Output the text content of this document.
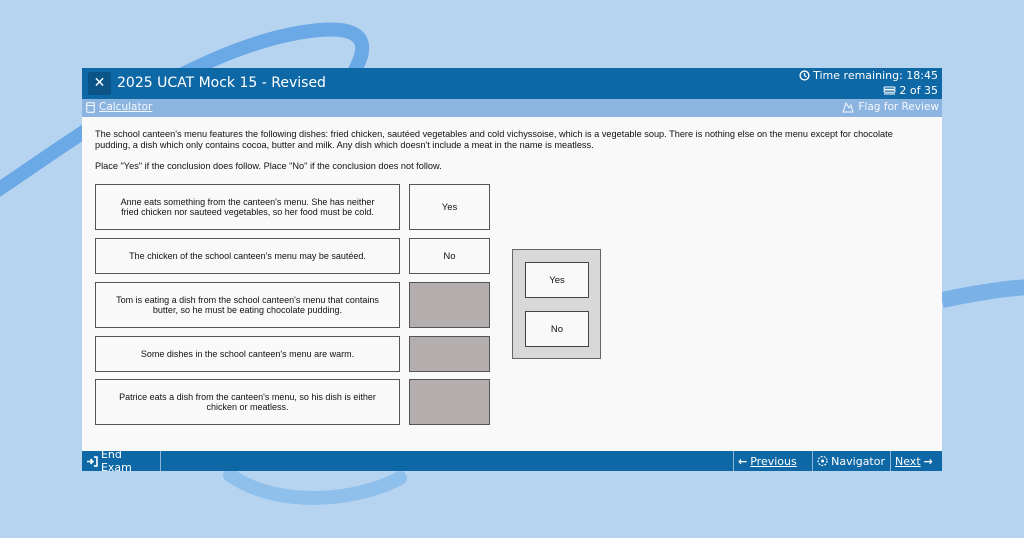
✕ 2025 UCAT Mock 15 - Revised	Time remaining: 18:45
2 of 35
Calculator	Flag for Review
The school canteen's menu features the following dishes: fried chicken, sautéed vegetables and cold vichyssoise, which is a vegetable soup. There is nothing else on the menu except for chocolate pudding, a dish which only contains cocoa, butter and milk. Any dish which doesn't include a meat in the name is meatless.
Place "Yes" if the conclusion does follow. Place "No" if the conclusion does not follow.
Anne eats something from the canteen's menu. She has neither fried chicken nor sauteed vegetables, so her food must be cold.	Yes
The chicken of the school canteen's menu may be sautéed.	No
Tom is eating a dish from the school canteen's menu that contains butter, so he must be eating chocolate pudding.
Some dishes in the school canteen's menu are warm.
Patrice eats a dish from the canteen's menu, so his dish is either chicken or meatless.
Yes
No
End Exam	← Previous	Navigator Next →
